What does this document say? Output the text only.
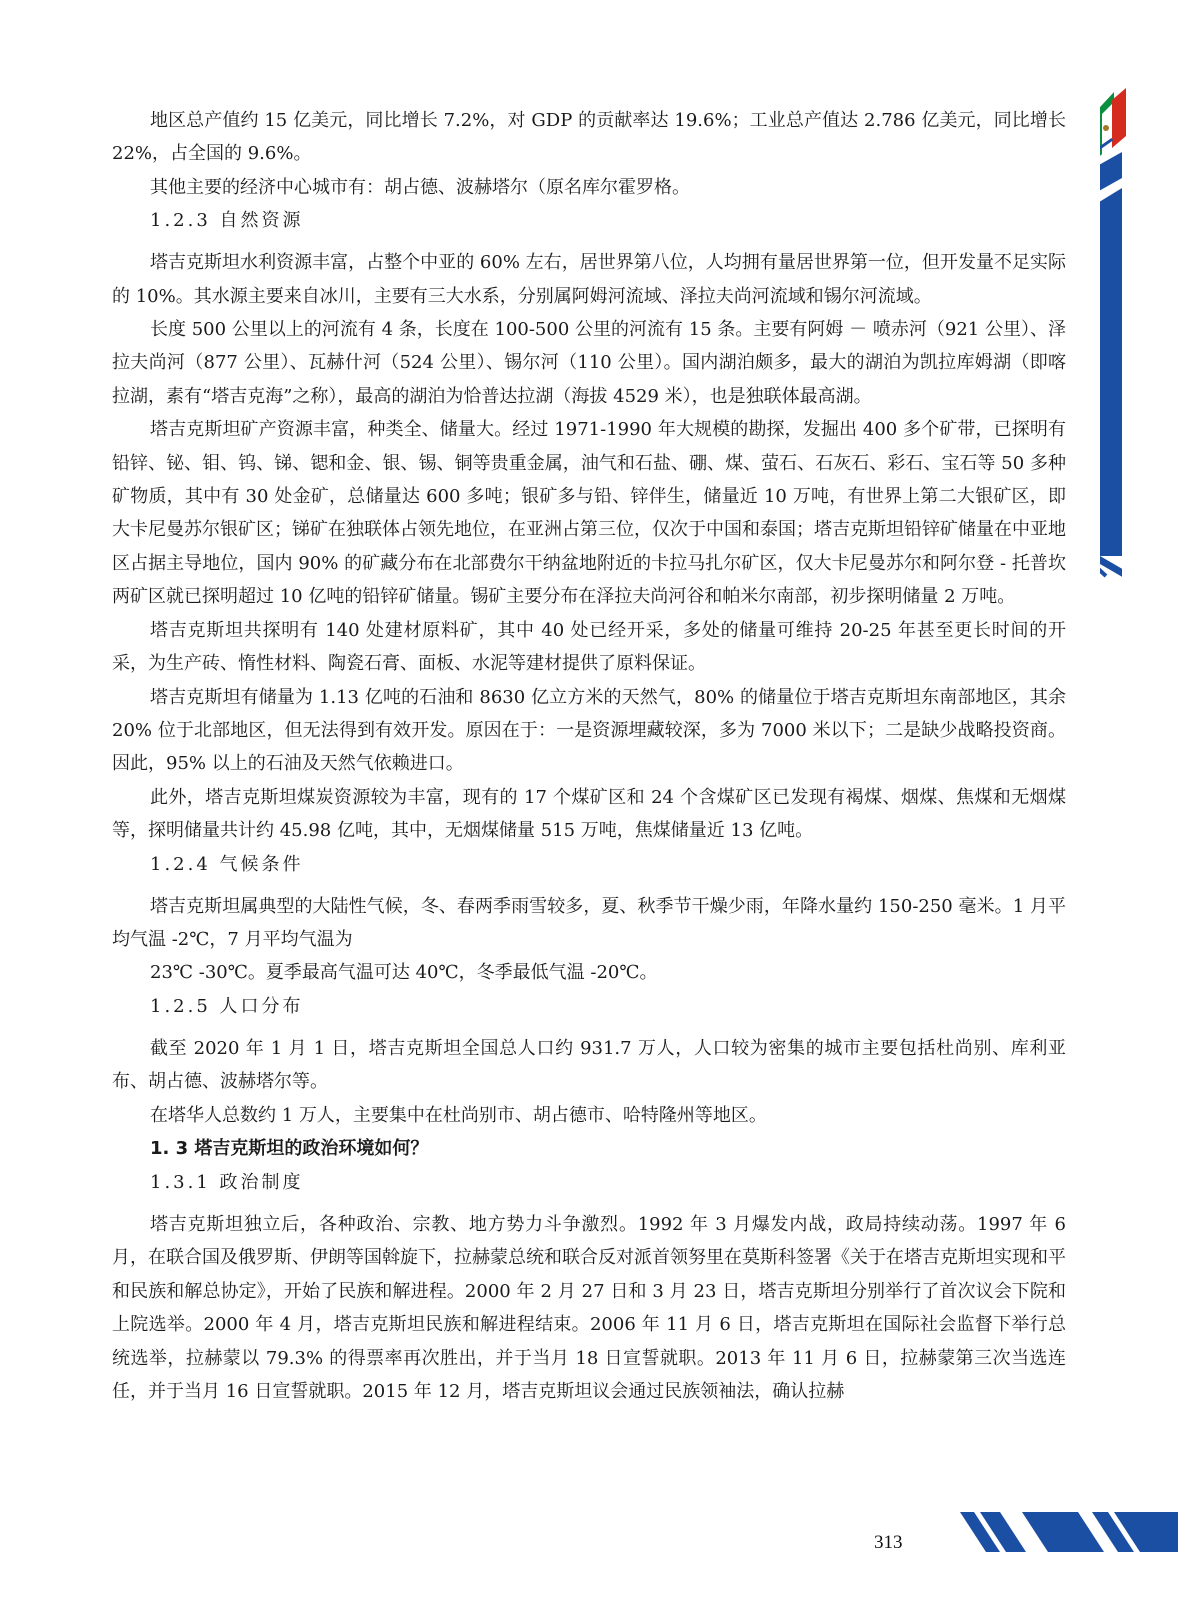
地区总产值约 15 亿美元，同比增长 7.2%，对 GDP 的贡献率达 19.6%；工业总产值达 2.786 亿美元，同比增长 22%，占全国的 9.6%。

其他主要的经济中心城市有：胡占德、波赫塔尔（原名库尔霍罗格。

1.2.3 自然资源

塔吉克斯坦水利资源丰富，占整个中亚的 60% 左右，居世界第八位，人均拥有量居世界第一位，但开发量不足实际的 10%。其水源主要来自冰川，主要有三大水系，分别属阿姆河流域、泽拉夫尚河流域和锡尔河流域。

长度 500 公里以上的河流有 4 条，长度在 100-500 公里的河流有 15 条。主要有阿姆 － 喷赤河（921 公里）、泽拉夫尚河（877 公里）、瓦赫什河（524 公里）、锡尔河（110 公里）。国内湖泊颇多，最大的湖泊为凯拉库姆湖（即喀拉湖，素有“塔吉克海”之称），最高的湖泊为恰普达拉湖（海拔 4529 米），也是独联体最高湖。

塔吉克斯坦矿产资源丰富，种类全、储量大。经过 1971-1990 年大规模的勘探，发掘出 400 多个矿带，已探明有铅锌、铋、钼、钨、锑、锶和金、银、锡、铜等贵重金属，油气和石盐、硼、煤、萤石、石灰石、彩石、宝石等 50 多种矿物质，其中有 30 处金矿，总储量达 600 多吨；银矿多与铅、锌伴生，储量近 10 万吨，有世界上第二大银矿区，即大卡尼曼苏尔银矿区；锑矿在独联体占领先地位，在亚洲占第三位，仅次于中国和泰国；塔吉克斯坦铅锌矿储量在中亚地区占据主导地位，国内 90% 的矿藏分布在北部费尔干纳盆地附近的卡拉马扎尔矿区，仅大卡尼曼苏尔和阿尔登 - 托普坎两矿区就已探明超过 10 亿吨的铅锌矿储量。锡矿主要分布在泽拉夫尚河谷和帕米尔南部，初步探明储量 2 万吨。

塔吉克斯坦共探明有 140 处建材原料矿，其中 40 处已经开采，多处的储量可维持 20-25 年甚至更长时间的开采，为生产砖、惰性材料、陶瓷石膏、面板、水泥等建材提供了原料保证。

塔吉克斯坦有储量为 1.13 亿吨的石油和 8630 亿立方米的天然气，80% 的储量位于塔吉克斯坦东南部地区，其余 20% 位于北部地区，但无法得到有效开发。原因在于：一是资源埋藏较深，多为 7000 米以下；二是缺少战略投资商。因此，95% 以上的石油及天然气依赖进口。

此外，塔吉克斯坦煤炭资源较为丰富，现有的 17 个煤矿区和 24 个含煤矿区已发现有褐煤、烟煤、焦煤和无烟煤等，探明储量共计约 45.98 亿吨，其中，无烟煤储量 515 万吨，焦煤储量近 13 亿吨。

1.2.4 气候条件

塔吉克斯坦属典型的大陆性气候，冬、春两季雨雪较多，夏、秋季节干燥少雨，年降水量约 150-250 毫米。1 月平均气温 -2℃，7 月平均气温为

23℃ -30℃。夏季最高气温可达 40℃，冬季最低气温 -20℃。

1.2.5 人口分布

截至 2020 年 1 月 1 日，塔吉克斯坦全国总人口约 931.7 万人，人口较为密集的城市主要包括杜尚别、库利亚布、胡占德、波赫塔尔等。

在塔华人总数约 1 万人，主要集中在杜尚别市、胡占德市、哈特隆州等地区。

1. 3 塔吉克斯坦的政治环境如何？
1.3.1 政治制度

塔吉克斯坦独立后，各种政治、宗教、地方势力斗争激烈。1992 年 3 月爆发内战，政局持续动荡。1997 年 6 月，在联合国及俄罗斯、伊朗等国斡旋下，拉赫蒙总统和联合反对派首领努里在莫斯科签署《关于在塔吉克斯坦实现和平和民族和解总协定》，开始了民族和解进程。2000 年 2 月 27 日和 3 月 23 日，塔吉克斯坦分别举行了首次议会下院和上院选举。2000 年 4 月，塔吉克斯坦民族和解进程结束。2006 年 11 月 6 日，塔吉克斯坦在国际社会监督下举行总统选举，拉赫蒙以 79.3% 的得票率再次胜出，并于当月 18 日宣誓就职。2013 年 11 月 6 日，拉赫蒙第三次当选连任，并于当月 16 日宣誓就职。2015 年 12 月，塔吉克斯坦议会通过民族领袖法，确认拉赫

313
